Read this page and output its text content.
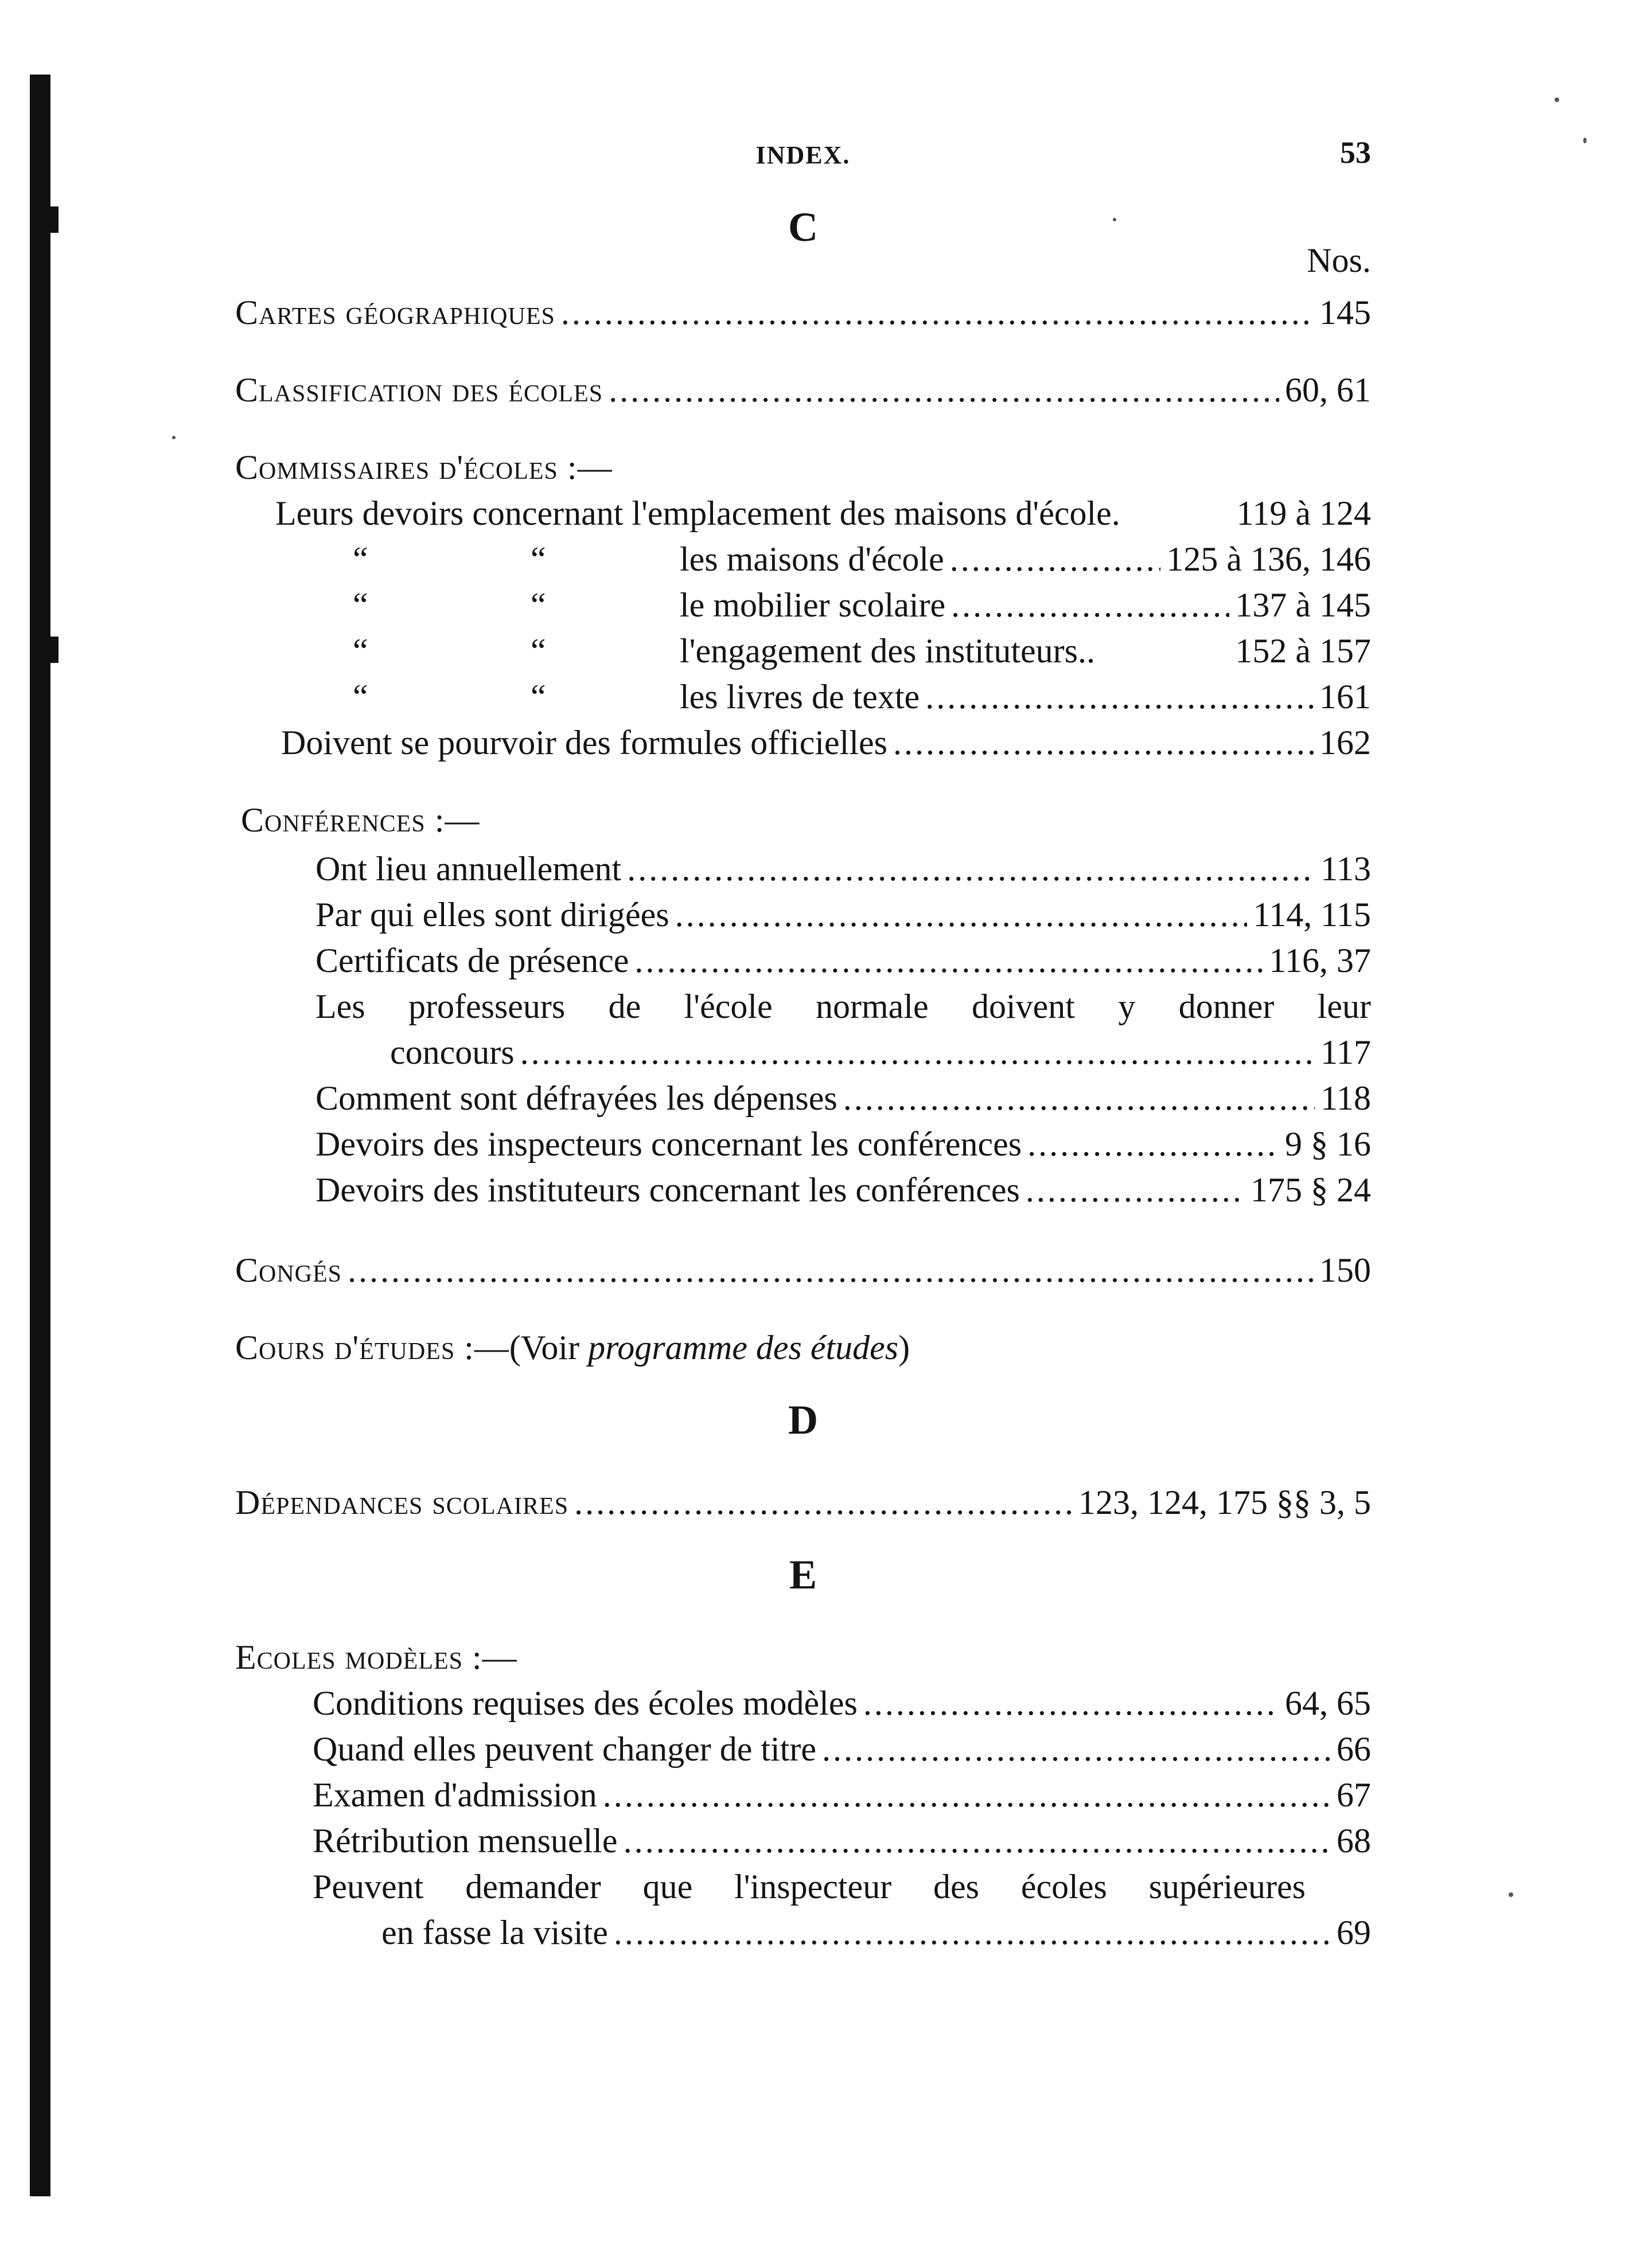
INDEX.	53
C
Nos.
Cartes géographiques .....	145
Classification des écoles .....	60, 61
Commissaires d'écoles :—
Leurs devoirs concernant l'emplacement des maisons d'école.	119 à 124
“	“	les maisons d'école .....	125 à 136, 146
“	“	le mobilier scolaire .....	137 à 145
“	“	l'engagement des instituteurs..	152 à 157
“	“	les livres de texte .....	161
Doivent se pourvoir des formules officielles .....	162
Conférences :—
Ont lieu annuellement .....	113
Par qui elles sont dirigées .....	114, 115
Certificats de présence .....	116, 37
Les professeurs de l'école normale doivent y donner leur
concours .....	117
Comment sont défrayées les dépenses .....	118
Devoirs des inspecteurs concernant les conférences .....	9 § 16
Devoirs des instituteurs concernant les conférences .....	175 § 24
Congés .....	150
Cours d'études :—(Voir programme des études)
D
Dépendances scolaires .....	123, 124, 175 §§ 3, 5
E
Ecoles modèles :—
Conditions requises des écoles modèles .....	64, 65
Quand elles peuvent changer de titre .....	66
Examen d'admission .....	67
Rétribution mensuelle .....	68
Peuvent demander que l'inspecteur des écoles supérieures
en fasse la visite .....	69
